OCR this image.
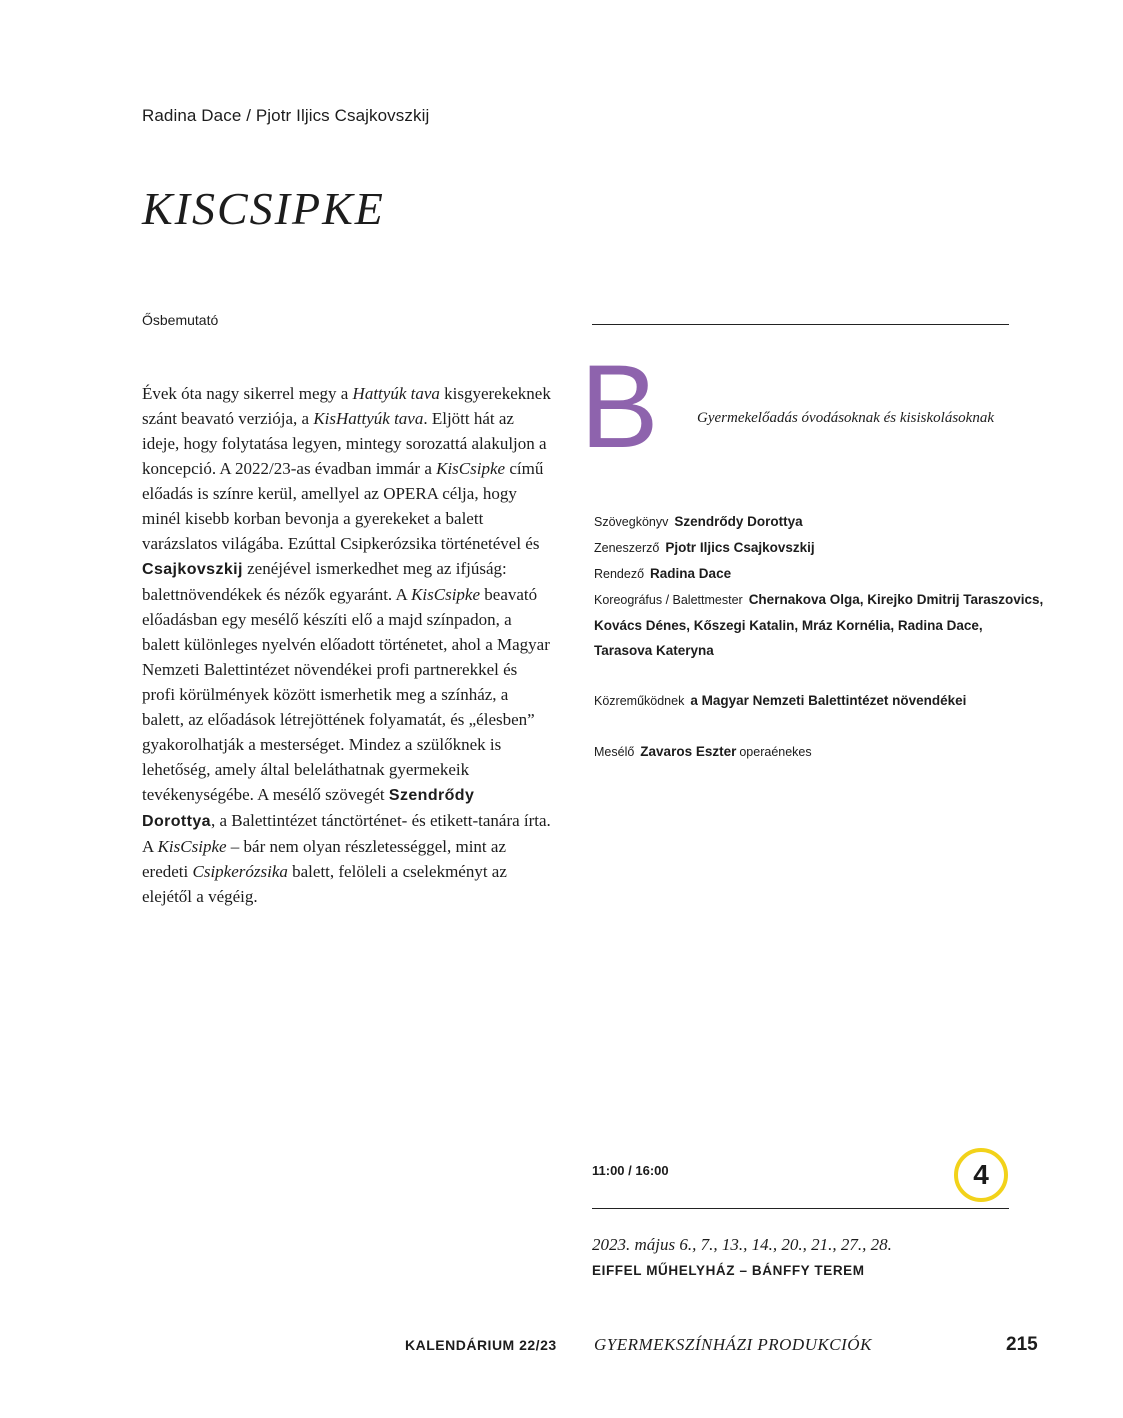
Radina Dace / Pjotr Iljics Csajkovszkij
KISCSIPKE
Ősbemutató

Évek óta nagy sikerrel megy a Hattyúk tava kisgyerekeknek szánt beavató verziója, a KisHattyúk tava. Eljött hát az ideje, hogy folytatása legyen, mintegy sorozattá alakuljon a koncepció. A 2022/23-as évadban immár a KisCsipke című előadás is színre kerül, amellyel az OPERA célja, hogy minél kisebb korban bevonja a gyerekeket a balett varázslatos világába. Ezúttal Csipkerózsika történetével és Csajkovszkij zenéjével ismerkedhet meg az ifjúság: balettnövendékek és nézők egyaránt. A KisCsipke beavató előadásban egy mesélő készíti elő a majd színpadon, a balett különleges nyelvén előadott történetet, ahol a Magyar Nemzeti Balettintézet növendékei profi partnerekkel és profi körülmények között ismerhetik meg a színház, a balett, az előadások létrejöttének folyamatát, és „élesben” gyakorolhatják a mesterséget. Mindez a szülőknek is lehetőség, amely által beleláthatnak gyermekeik tevékenységébe. A mesélő szövegét Szendrődy Dorottya, a Balettintézet tánctörténet- és etikett-tanára írta. A KisCsipke – bár nem olyan részletességgel, mint az eredeti Csipkerózsika balett, felöleli a cselekményt az elejétől a végéig.

B	Gyermekelőadás óvodásoknak és kisiskolásoknak
Szövegkönyv Szendrődy Dorottya
Zeneszerző Pjotr Iljics Csajkovszkij
Rendező Radina Dace
Koreográfus / Balettmester Chernakova Olga, Kirejko Dmitrij Taraszovics,
Kovács Dénes, Kőszegi Katalin, Mráz Kornélia, Radina Dace,
Tarasova Kateryna
Közreműködnek a Magyar Nemzeti Balettintézet növendékei
Mesélő Zavaros Eszter operaénekes
11:00 / 16:00	4
2023. május 6., 7., 13., 14., 20., 21., 27., 28.
EIFFEL MŰHELYHÁZ – BÁNFFY TEREM
KALENDÁRIUM 22/23 GYERMEKSZÍNHÁZI PRODUKCIÓK	215
